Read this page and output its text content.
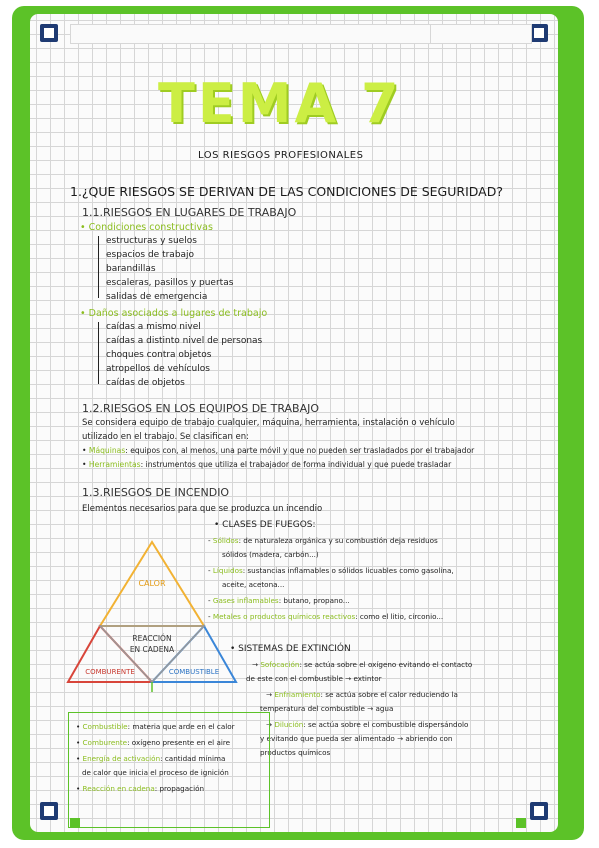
TEMA 7
LOS RIESGOS PROFESIONALES
1.¿QUE RIESGOS SE DERIVAN DE LAS CONDICIONES DE SEGURIDAD?
1.1.RIESGOS EN LUGARES DE TRABAJO
• Condiciones constructivas
estructuras y suelos
espacios de trabajo
barandillas
escaleras, pasillos y puertas
salidas de emergencia
• Daños asociados a lugares de trabajo
caídas a mismo nivel
caídas a distinto nivel de personas
choques contra objetos
atropellos de vehículos
caídas de objetos
1.2.RIESGOS EN LOS EQUIPOS DE TRABAJO
Se considera equipo de trabajo cualquier, máquina, herramienta, instalación o vehículo
utilizado en el trabajo. Se clasifican en:
• Máquinas: equipos con, al menos, una parte móvil y que no pueden ser trasladados por el trabajador
• Herramientas: instrumentos que utiliza el trabajador de forma individual y que puede trasladar
1.3.RIESGOS DE INCENDIO
Elementos necesarios para que se produzca un incendio
CALOR
REACCIÓN
EN CADENA
COMBURENTE	COMBUSTIBLE
• CLASES DE FUEGOS:
- Sólidos: de naturaleza orgánica y su combustión deja residuos
sólidos (madera, carbón...)
- Líquidos: sustancias inflamables o sólidos licuables como gasolina,
aceite, acetona...
- Gases inflamables: butano, propano...
- Metales o productos químicos reactivos: como el litio, circonio...
• SISTEMAS DE EXTINCIÓN
→ Sofocación: se actúa sobre el oxígeno evitando el contacto
de este con el combustible → extintor
→ Enfriamiento: se actúa sobre el calor reduciendo la
temperatura del combustible → agua
→ Dilución: se actúa sobre el combustible dispersándolo
y evitando que pueda ser alimentado → abriendo con
productos químicos
• Combustible: materia que arde en el calor
• Comburente: oxígeno presente en el aire
• Energía de activación: cantidad mínima
de calor que inicia el proceso de ignición
• Reacción en cadena: propagación
